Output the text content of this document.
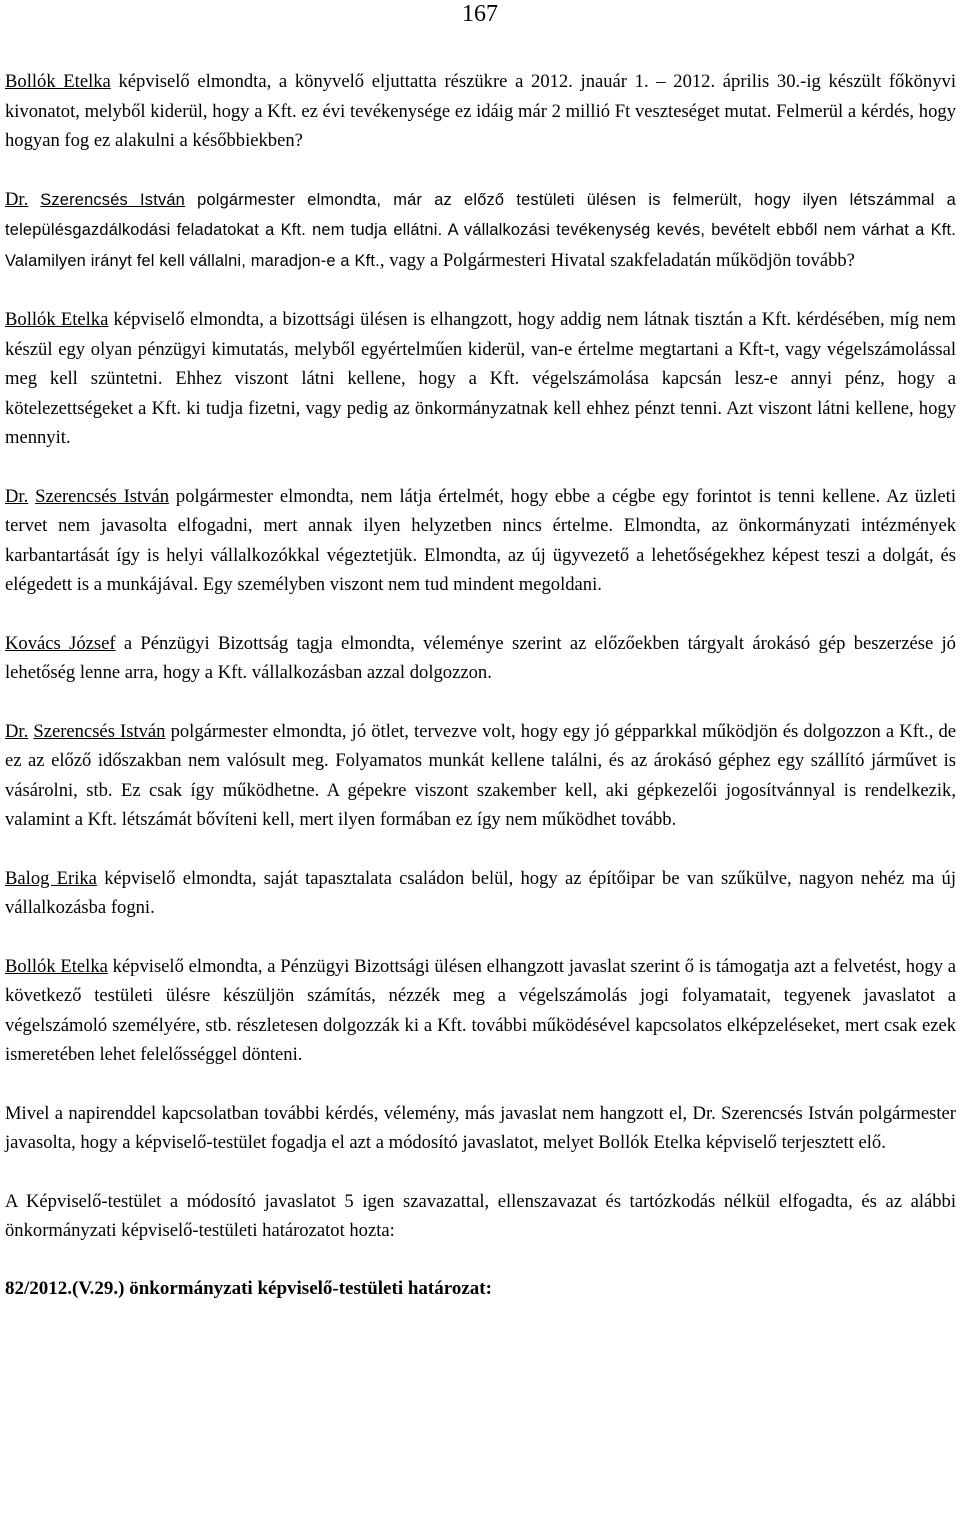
167

Bollók Etelka képviselő elmondta, a könyvelő eljuttatta részükre a 2012. jnauár 1. – 2012. április 30.-ig készült főkönyvi kivonatot, melyből kiderül, hogy a Kft. ez évi tevékenysége ez idáig már 2 millió Ft veszteséget mutat. Felmerül a kérdés, hogy hogyan fog ez alakulni a későbbiekben?

Dr. Szerencsés István polgármester elmondta, már az előző testületi ülésen is felmerült, hogy ilyen létszámmal a településgazdálkodási feladatokat a Kft. nem tudja ellátni. A vállalkozási tevékenység kevés, bevételt ebből nem várhat a Kft. Valamilyen irányt fel kell vállalni, maradjon-e a Kft., vagy a Polgármesteri Hivatal szakfeladatán működjön tovább?

Bollók Etelka képviselő elmondta, a bizottsági ülésen is elhangzott, hogy addig nem látnak tisztán a Kft. kérdésében, míg nem készül egy olyan pénzügyi kimutatás, melyből egyértelműen kiderül, van-e értelme megtartani a Kft-t, vagy végelszámolással meg kell szüntetni. Ehhez viszont látni kellene, hogy a Kft. végelszámolása kapcsán lesz-e annyi pénz, hogy a kötelezettségeket a Kft. ki tudja fizetni, vagy pedig az önkormányzatnak kell ehhez pénzt tenni. Azt viszont látni kellene, hogy mennyit.

Dr. Szerencsés István polgármester elmondta, nem látja értelmét, hogy ebbe a cégbe egy forintot is tenni kellene. Az üzleti tervet nem javasolta elfogadni, mert annak ilyen helyzetben nincs értelme. Elmondta, az önkormányzati intézmények karbantartását így is helyi vállalkozókkal végeztetjük. Elmondta, az új ügyvezető a lehetőségekhez képest teszi a dolgát, és elégedett is a munkájával. Egy személyben viszont nem tud mindent megoldani.

Kovács József a Pénzügyi Bizottság tagja elmondta, véleménye szerint az előzőekben tárgyalt árokásó gép beszerzése jó lehetőség lenne arra, hogy a Kft. vállalkozásban azzal dolgozzon.

Dr. Szerencsés István polgármester elmondta, jó ötlet, tervezve volt, hogy egy jó gépparkkal működjön és dolgozzon a Kft., de ez az előző időszakban nem valósult meg. Folyamatos munkát kellene találni, és az árokásó géphez egy szállító járművet is vásárolni, stb. Ez csak így működhetne. A gépekre viszont szakember kell, aki gépkezelői jogosítvánnyal is rendelkezik, valamint a Kft. létszámát bővíteni kell, mert ilyen formában ez így nem működhet tovább.

Balog Erika képviselő elmondta, saját tapasztalata családon belül, hogy az építőipar be van szűkülve, nagyon nehéz ma új vállalkozásba fogni.

Bollók Etelka képviselő elmondta, a Pénzügyi Bizottsági ülésen elhangzott javaslat szerint ő is támogatja azt a felvetést, hogy a következő testületi ülésre készüljön számítás, nézzék meg a végelszámolás jogi folyamatait, tegyenek javaslatot a végelszámoló személyére, stb. részletesen dolgozzák ki a Kft. további működésével kapcsolatos elképzeléseket, mert csak ezek ismeretében lehet felelősséggel dönteni.

Mivel a napirenddel kapcsolatban további kérdés, vélemény, más javaslat nem hangzott el, Dr. Szerencsés István polgármester javasolta, hogy a képviselő-testület fogadja el azt a módosító javaslatot, melyet Bollók Etelka képviselő terjesztett elő.

A Képviselő-testület a módosító javaslatot 5 igen szavazattal, ellenszavazat és tartózkodás nélkül elfogadta, és az alábbi önkormányzati képviselő-testületi határozatot hozta:

82/2012.(V.29.) önkormányzati képviselő-testületi határozat:
